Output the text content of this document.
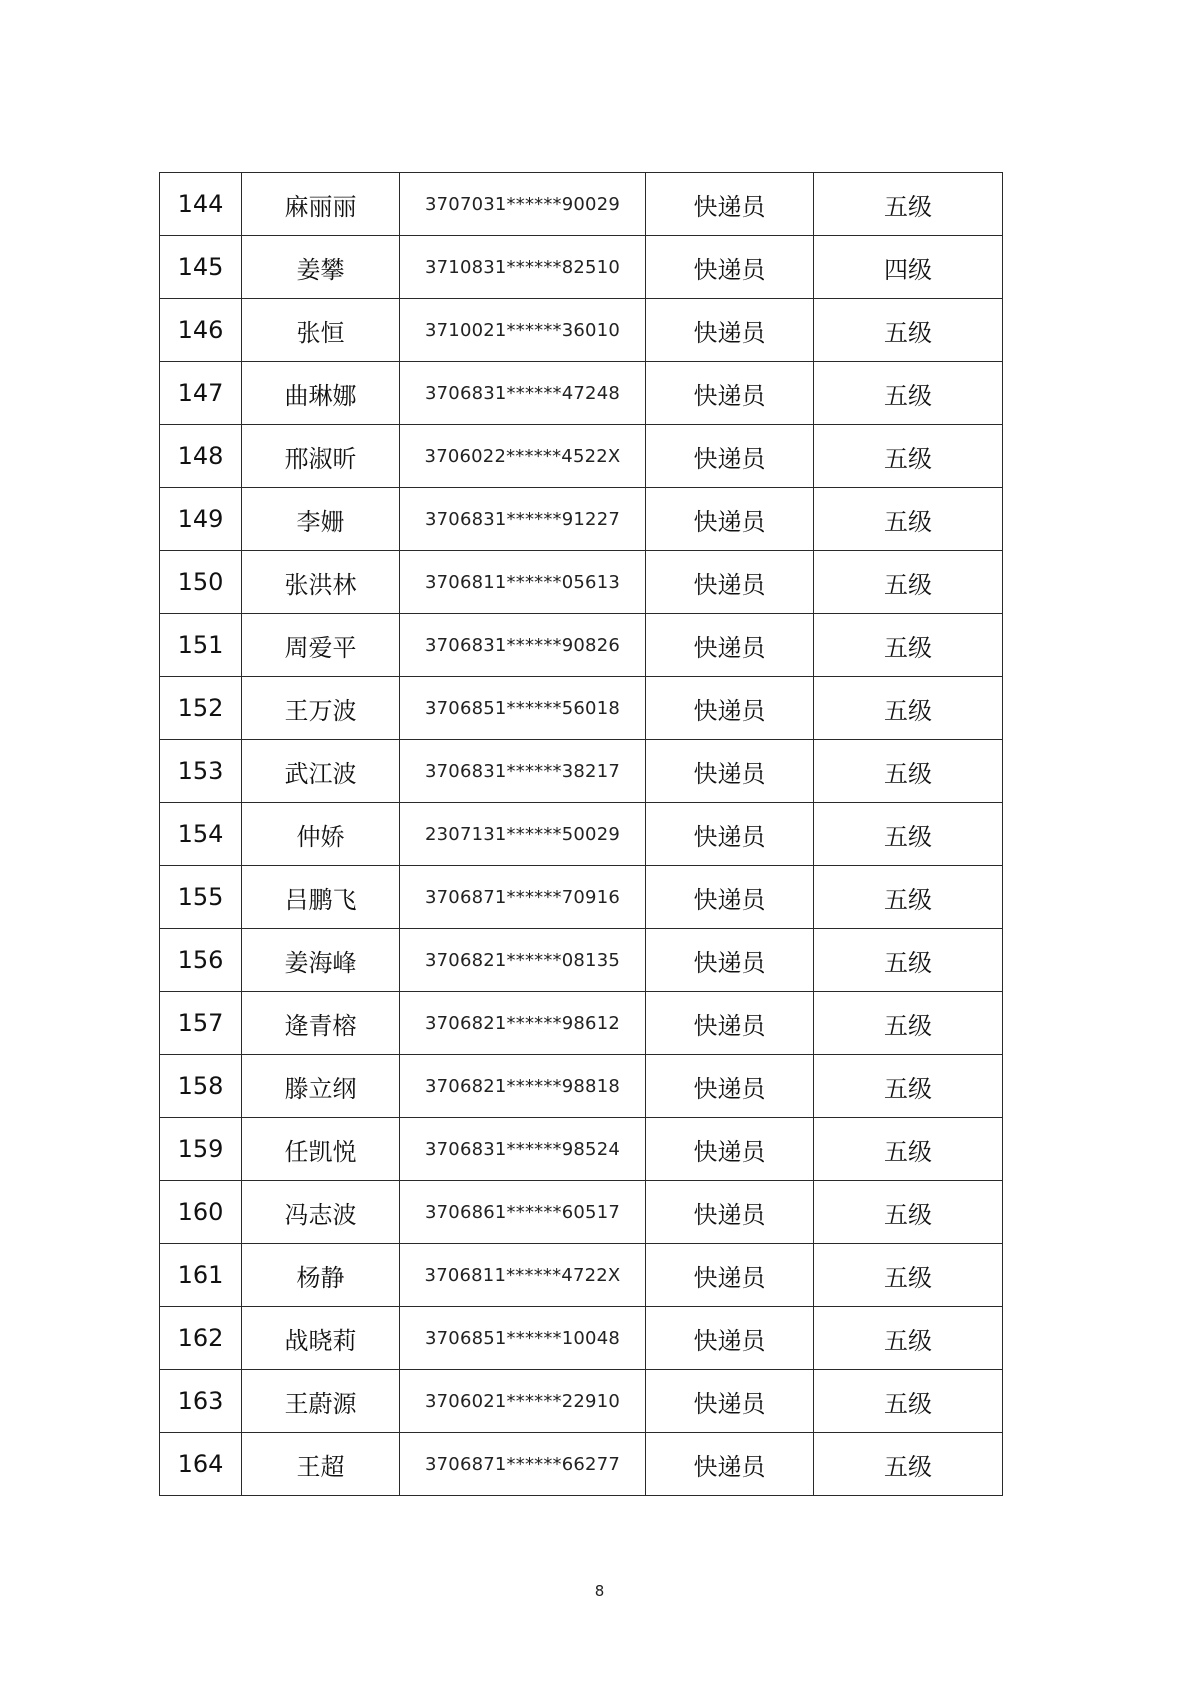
144	麻丽丽	3707031******90029	快递员	五级
145	姜攀	3710831******82510	快递员	四级
146	张恒	3710021******36010	快递员	五级
147	曲琳娜	3706831******47248	快递员	五级
148	邢淑昕	3706022******4522X	快递员	五级
149	李姗	3706831******91227	快递员	五级
150	张洪林	3706811******05613	快递员	五级
151	周爱平	3706831******90826	快递员	五级
152	王万波	3706851******56018	快递员	五级
153	武江波	3706831******38217	快递员	五级
154	仲娇	2307131******50029	快递员	五级
155	吕鹏飞	3706871******70916	快递员	五级
156	姜海峰	3706821******08135	快递员	五级
157	逄青榕	3706821******98612	快递员	五级
158	滕立纲	3706821******98818	快递员	五级
159	任凯悦	3706831******98524	快递员	五级
160	冯志波	3706861******60517	快递员	五级
161	杨静	3706811******4722X	快递员	五级
162	战晓莉	3706851******10048	快递员	五级
163	王蔚源	3706021******22910	快递员	五级
164	王超	3706871******66277	快递员	五级
8
